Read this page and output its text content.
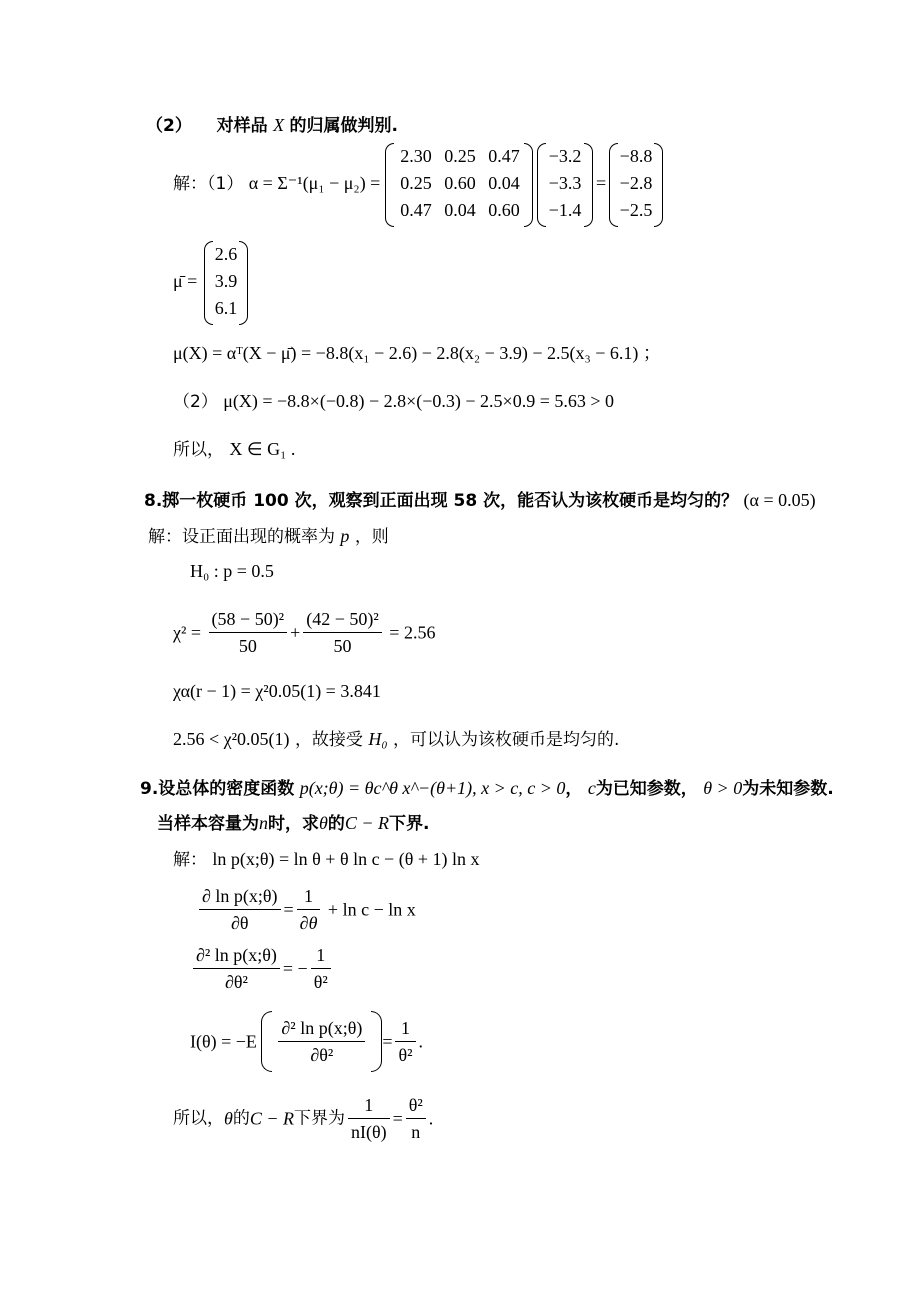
（2） 对样品 X 的归属做判别.
解：（1） α = Σ⁻¹(μ₁ − μ₂) =
2.30 0.25 0.47
0.25 0.60 0.04
0.47 0.04 0.60
−3.2
−3.3
−1.4
=
−8.8
−2.8
−2.5
μ̄ =
2.6
3.9
6.1
μ(X) = αᵀ(X − μ̄) = −8.8(x₁ − 2.6) − 2.8(x₂ − 3.9) − 2.5(x₃ − 6.1) ；
（2） μ(X) = −8.8×(−0.8) − 2.8×(−0.3) − 2.5×0.9 = 5.63 > 0
所以， X ∈ G₁ .
8.掷一枚硬币 100 次，观察到正面出现 58 次，能否认为该枚硬币是均匀的？ (α = 0.05)
解：设正面出现的概率为 p ，则
H₀ : p = 0.5
$\chi^2 = \frac{\text{(58 − 50)²}}{50} + \frac{\text{(42 − 50)²}}{50} = 2.56$
χα(r − 1) = χ²0.05(1) = 3.841
2.56 < χ²0.05(1) ，故接受 H₀ ，可以认为该枚硬币是均匀的.
9.设总体的密度函数 p(x;θ) = θc^θ x^−(θ+1), x > c, c > 0， c为已知参数， θ > 0为未知参数.
当样本容量为n时，求θ的C − R下界.
解： ln p(x;θ) = ln θ + θ ln c − (θ + 1) ln x
$\frac{\text{∂ ln p(x;θ)}}{\partial\theta} = \frac{1}{\partial\theta} + \ln c - \ln x$
$\frac{\text{∂² ln p(x;θ)}}{\text{∂θ²}}$ = − $\frac{1}{\text{θ²}}$
$I(\theta) = -E \frac{\text{∂² ln p(x;θ)}}{\text{∂θ²}} = \frac{1}{\text{θ²}}$ .
所以，θ的C − R下界为 $\frac{1}{nI(\theta)} = \frac{\text{θ²}}{n}$ .
